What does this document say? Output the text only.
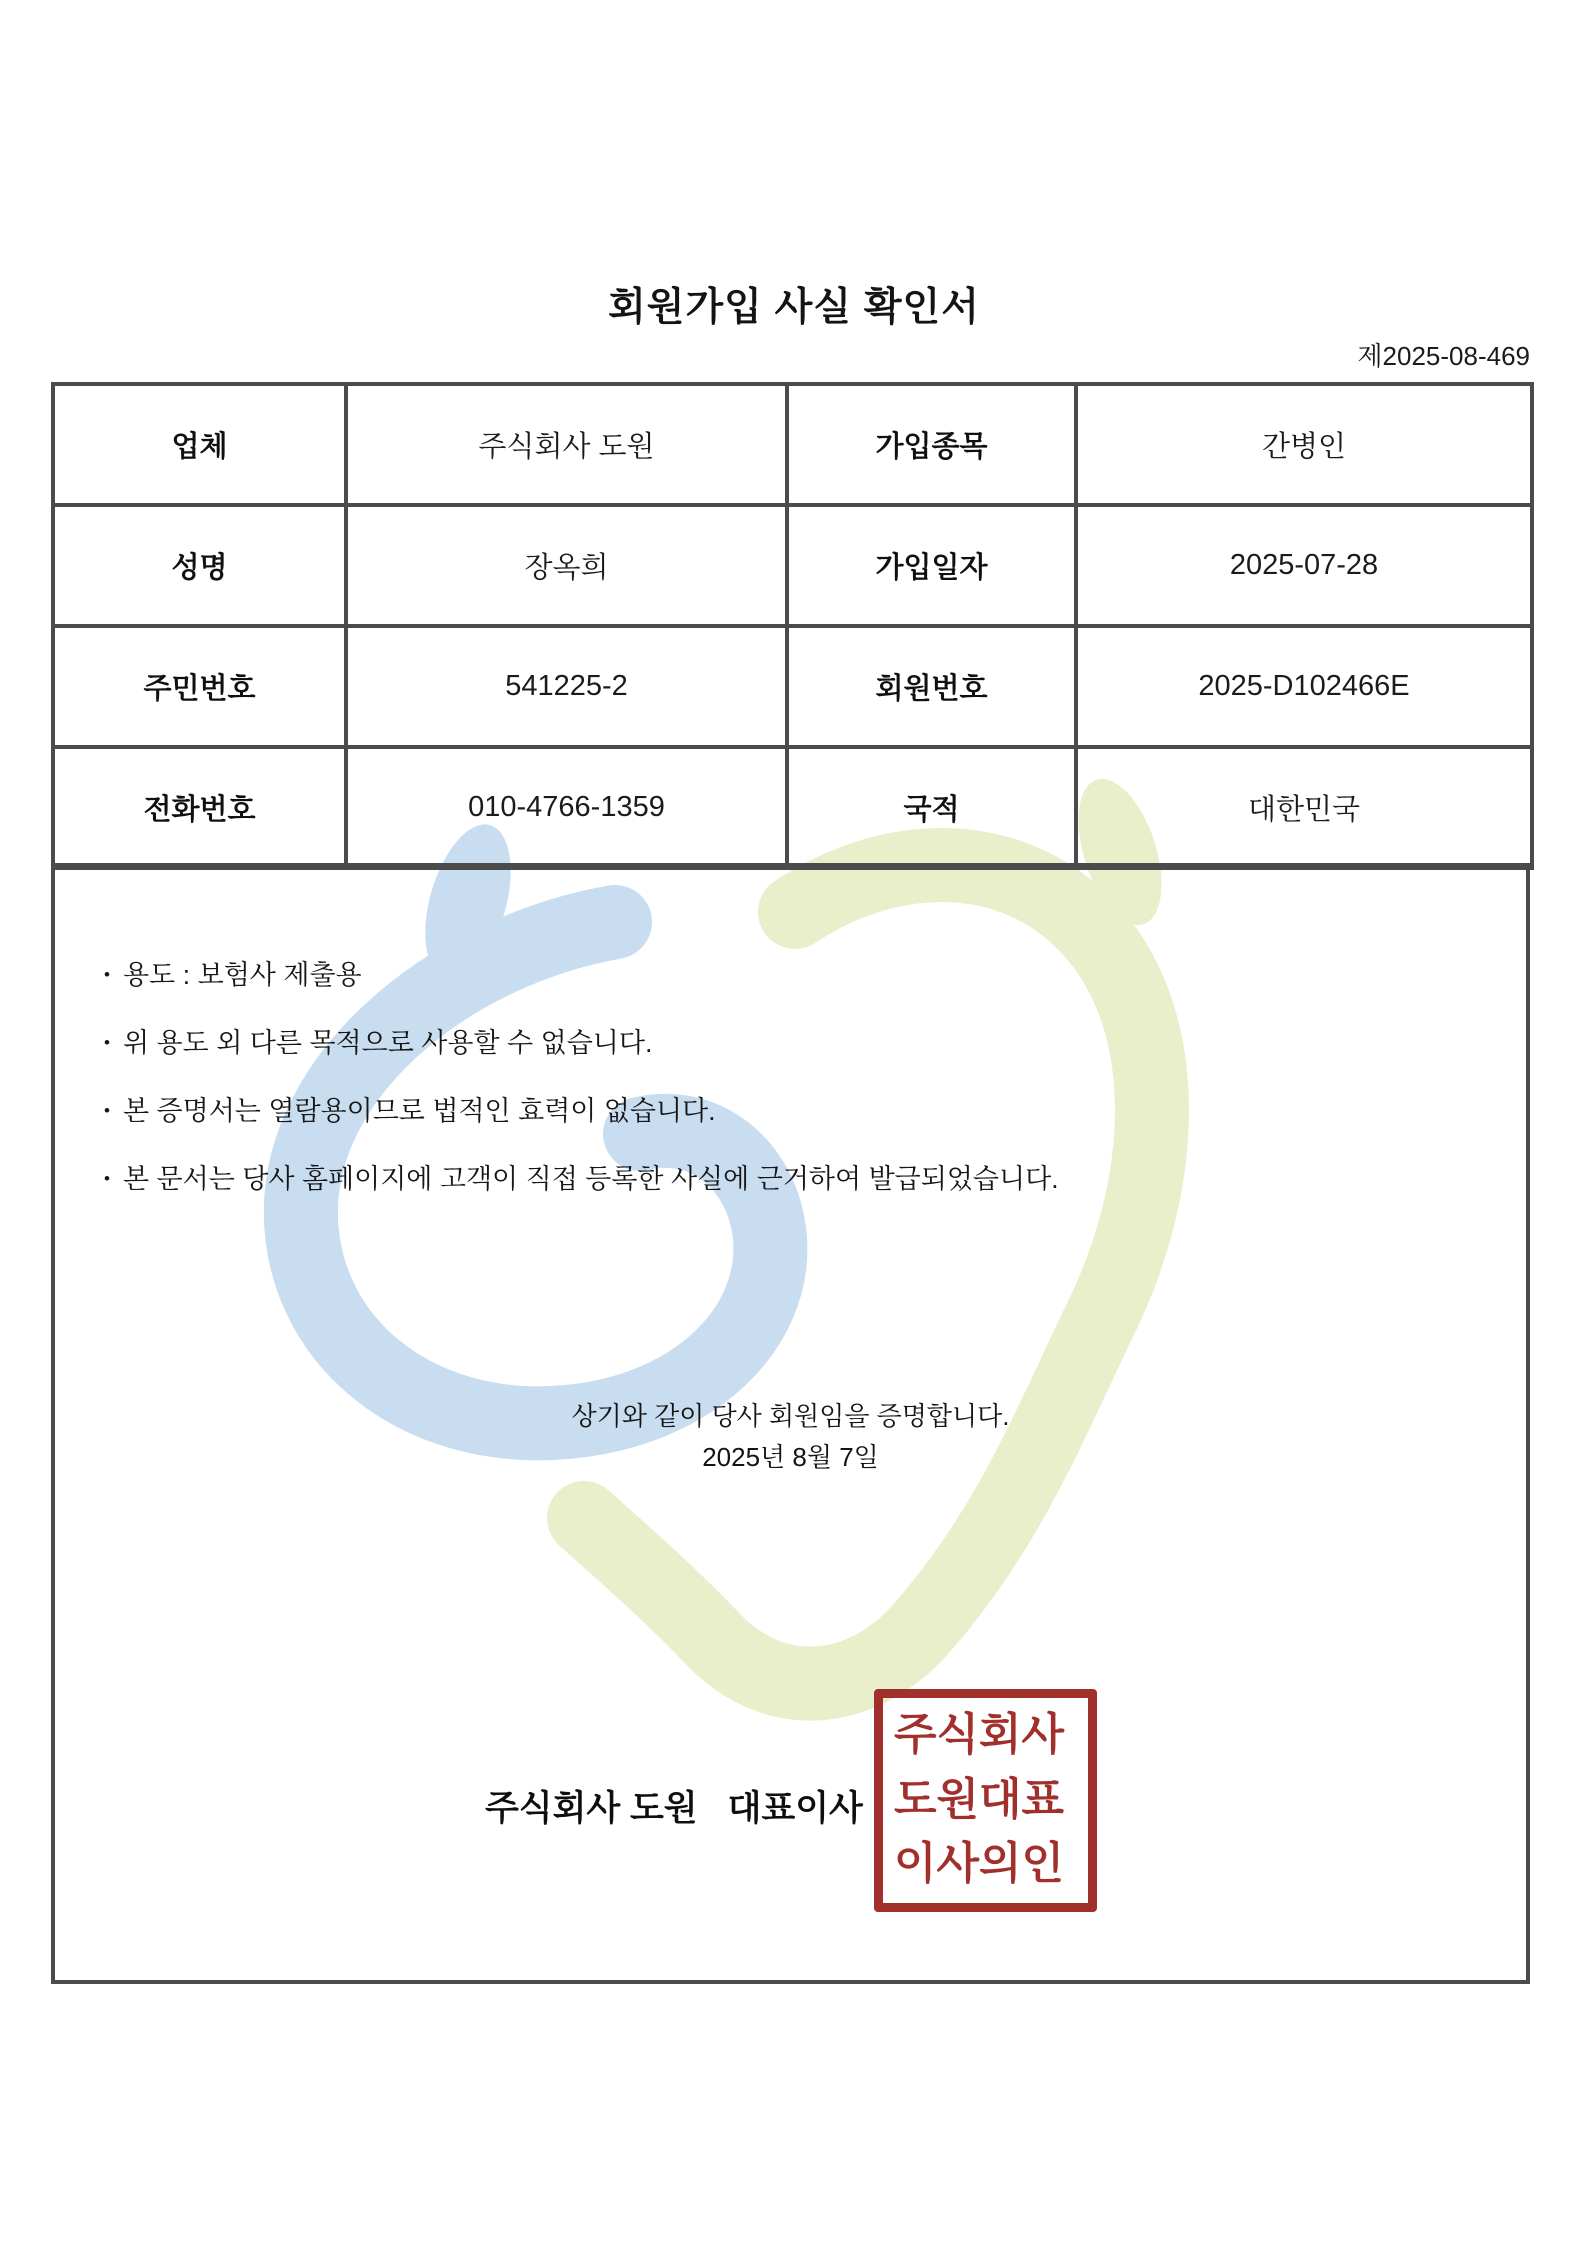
회원가입 사실 확인서
제2025-08-469
업체	주식회사 도원	가입종목	간병인
성명	장옥희	가입일자	2025-07-28
주민번호	541225-2	회원번호	2025-D102466E
전화번호	010-4766-1359	국적	대한민국
• 용도 : 보험사 제출용
• 위 용도 외 다른 목적으로 사용할 수 없습니다.
• 본 증명서는 열람용이므로 법적인 효력이 없습니다.
• 본 문서는 당사 홈페이지에 고객이 직접 등록한 사실에 근거하여 발급되었습니다.
상기와 같이 당사 회원임을 증명합니다.
2025년 8월 7일
주식회사 도원 대표이사
주식회사
도원대표
이사의인
